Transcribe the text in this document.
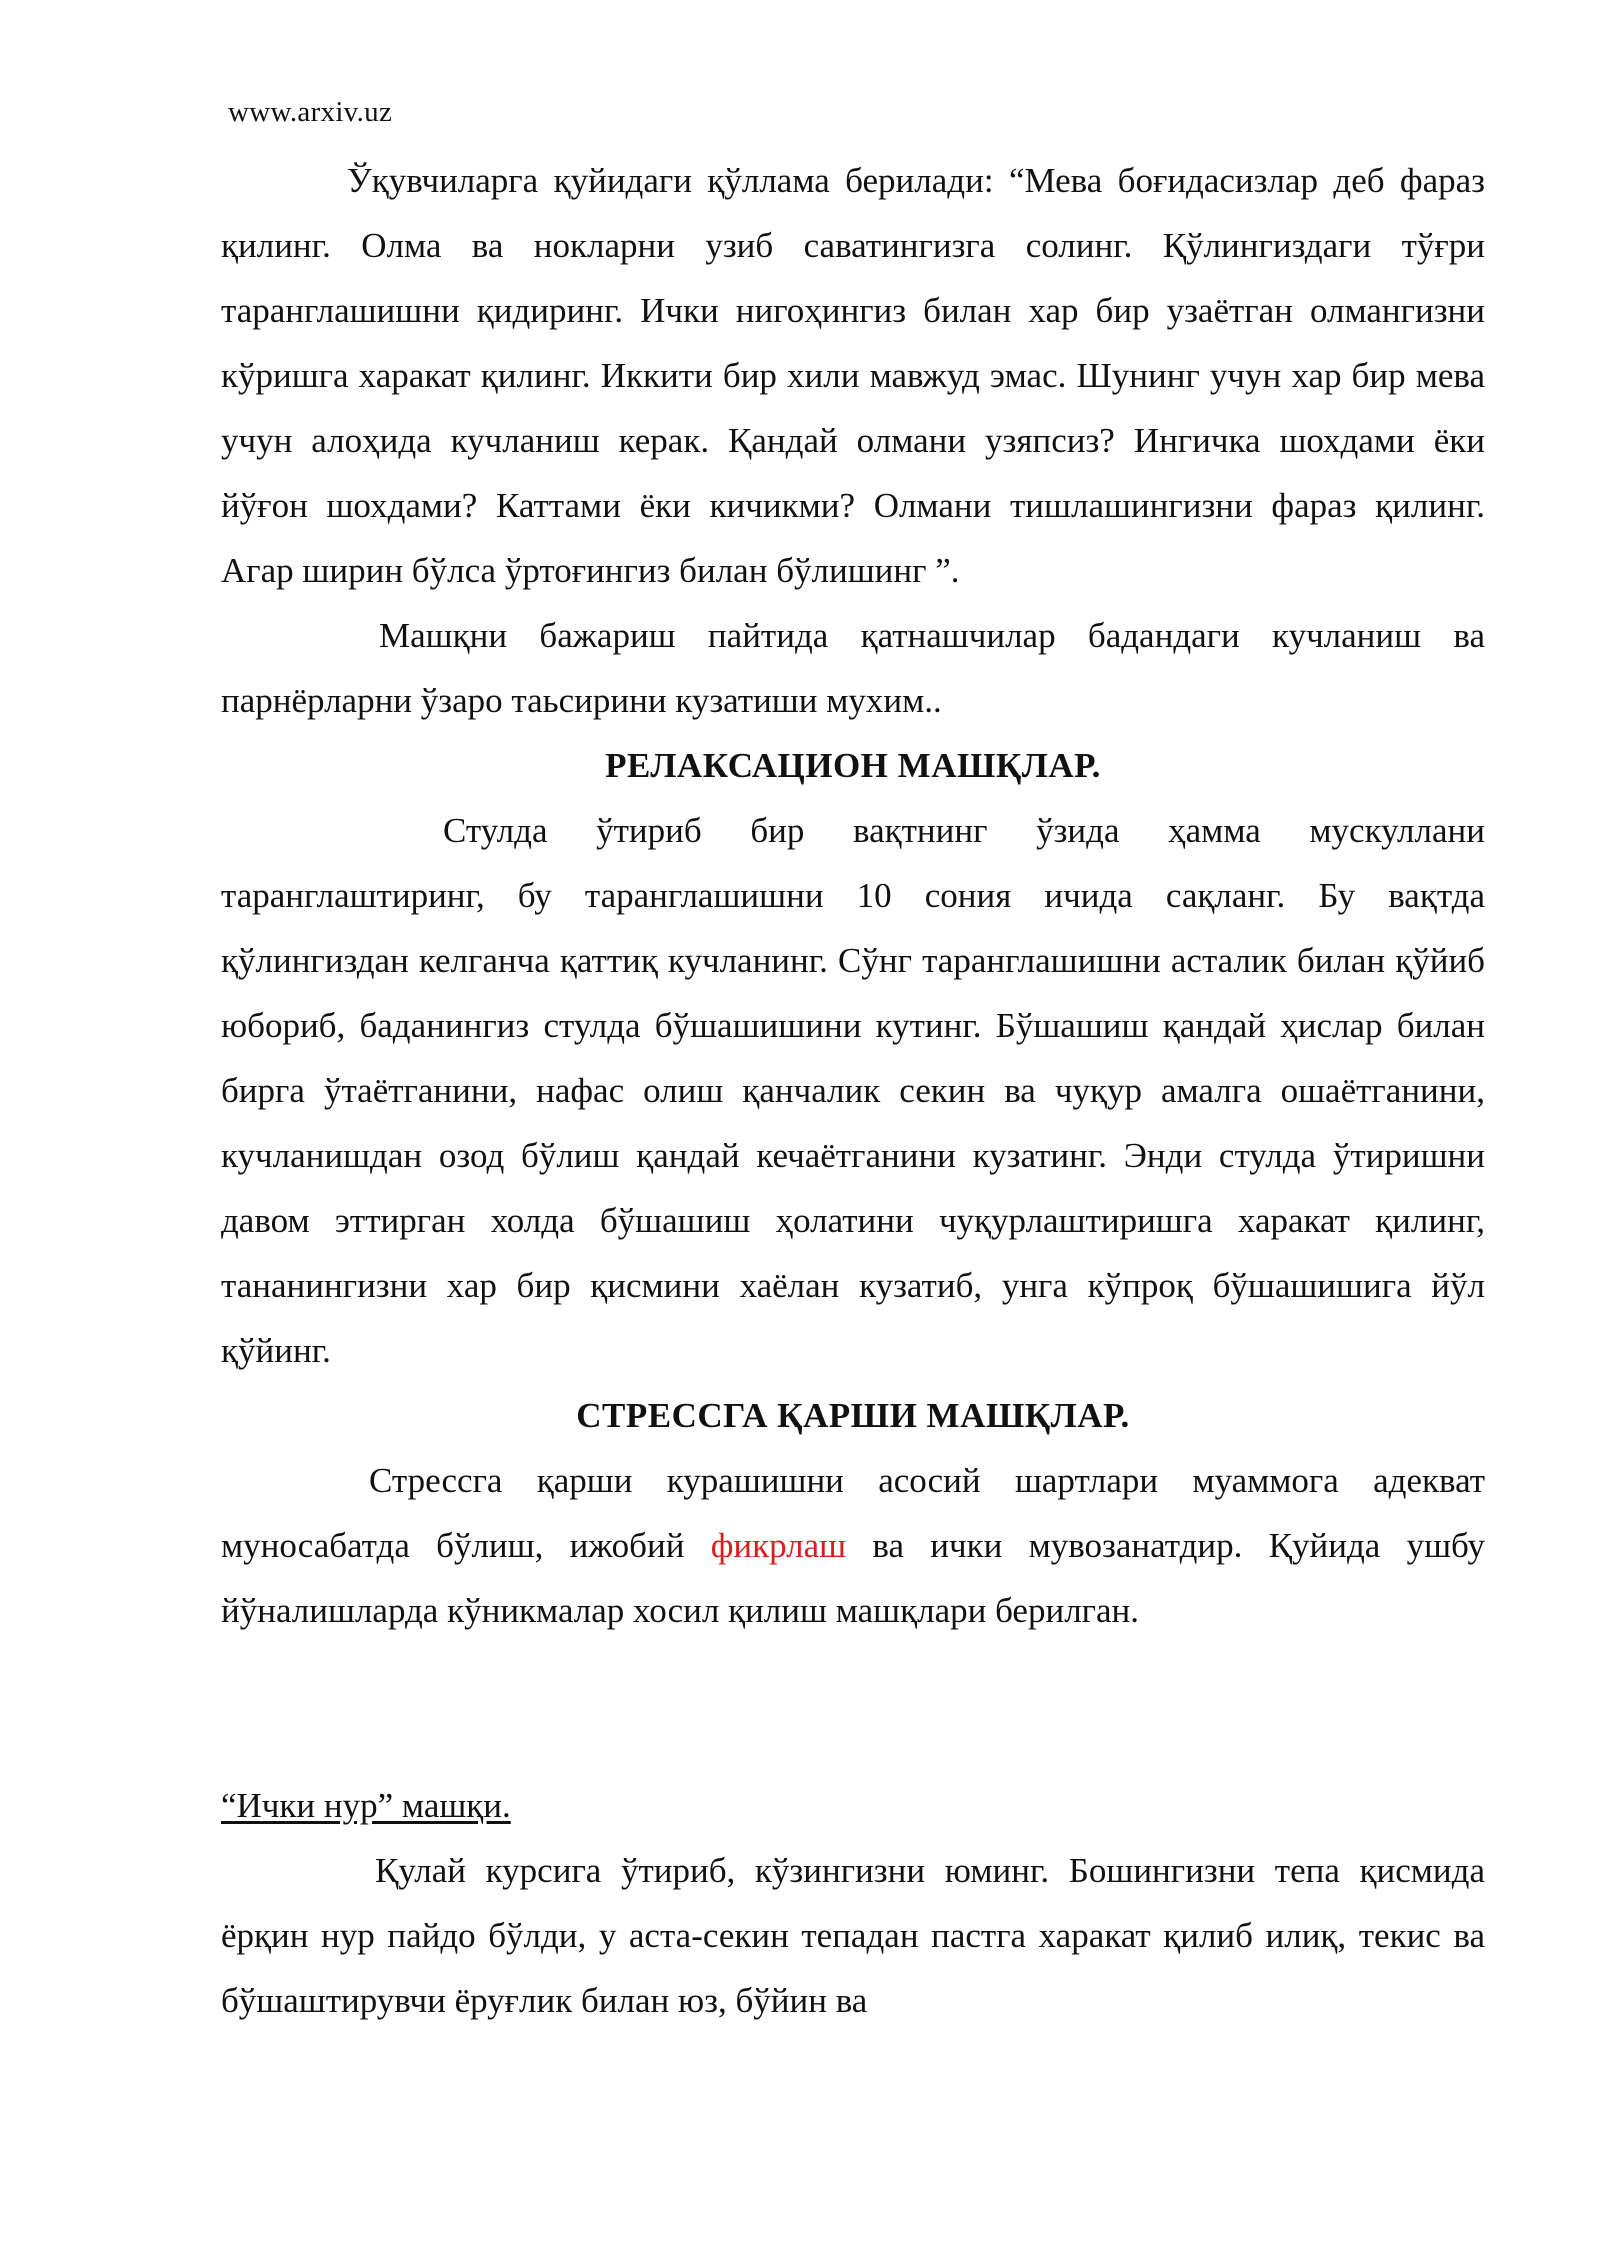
www.arxiv.uz

Ўқувчиларга қуйидаги қўллама берилади: “Мева боғидасизлар деб фараз қилинг. Олма ва нокларни узиб саватингизга солинг. Қўлингиздаги тўғри таранглашишни қидиринг. Ички нигоҳингиз билан хар бир узаётган олмангизни кўришга харакат қилинг. Иккити бир хили мавжуд эмас. Шунинг учун хар бир мева учун алоҳида кучланиш керак. Қандай олмани узяпсиз? Ингичка шохдами ёки йўғон шохдами? Каттами ёки кичикми? Олмани тишлашингизни фараз қилинг. Агар ширин бўлса ўртоғингиз билан бўлишинг ”.

Машқни бажариш пайтида қатнашчилар бадандаги кучланиш ва парнёрларни ўзаро таьсирини кузатиши мухим..

РЕЛАКСАЦИОН МАШҚЛАР.

Стулда ўтириб бир вақтнинг ўзида ҳамма мускуллани таранглаштиринг, бу таранглашишни 10 сония ичида сақланг. Бу вақтда қўлингиздан келганча қаттиқ кучланинг. Сўнг таранглашишни асталик билан қўйиб юбориб, баданингиз стулда бўшашишини кутинг. Бўшашиш қандай ҳислар билан бирга ўтаётганини, нафас олиш қанчалик секин ва чуқур амалга ошаётганини, кучланишдан озод бўлиш қандай кечаётганини кузатинг. Энди стулда ўтиришни давом эттирган холда бўшашиш ҳолатини чуқурлаштиришга харакат қилинг, тананингизни хар бир қисмини хаёлан кузатиб, унга кўпроқ бўшашишига йўл қўйинг.

СТРЕССГА ҚАРШИ МАШҚЛАР.

Стрессга қарши курашишни асосий шартлари муаммога адекват муносабатда бўлиш, ижобий фикрлаш ва ички мувозанатдир. Қуйида ушбу йўналишларда кўникмалар хосил қилиш машқлари берилган.

“Ички нур” машқи.

Қулай курсига ўтириб, кўзингизни юминг. Бошингизни тепа қисмида ёрқин нур пайдо бўлди, у аста-секин тепадан пастга харакат қилиб илиқ, текис ва бўшаштирувчи ёруғлик билан юз, бўйин ва
